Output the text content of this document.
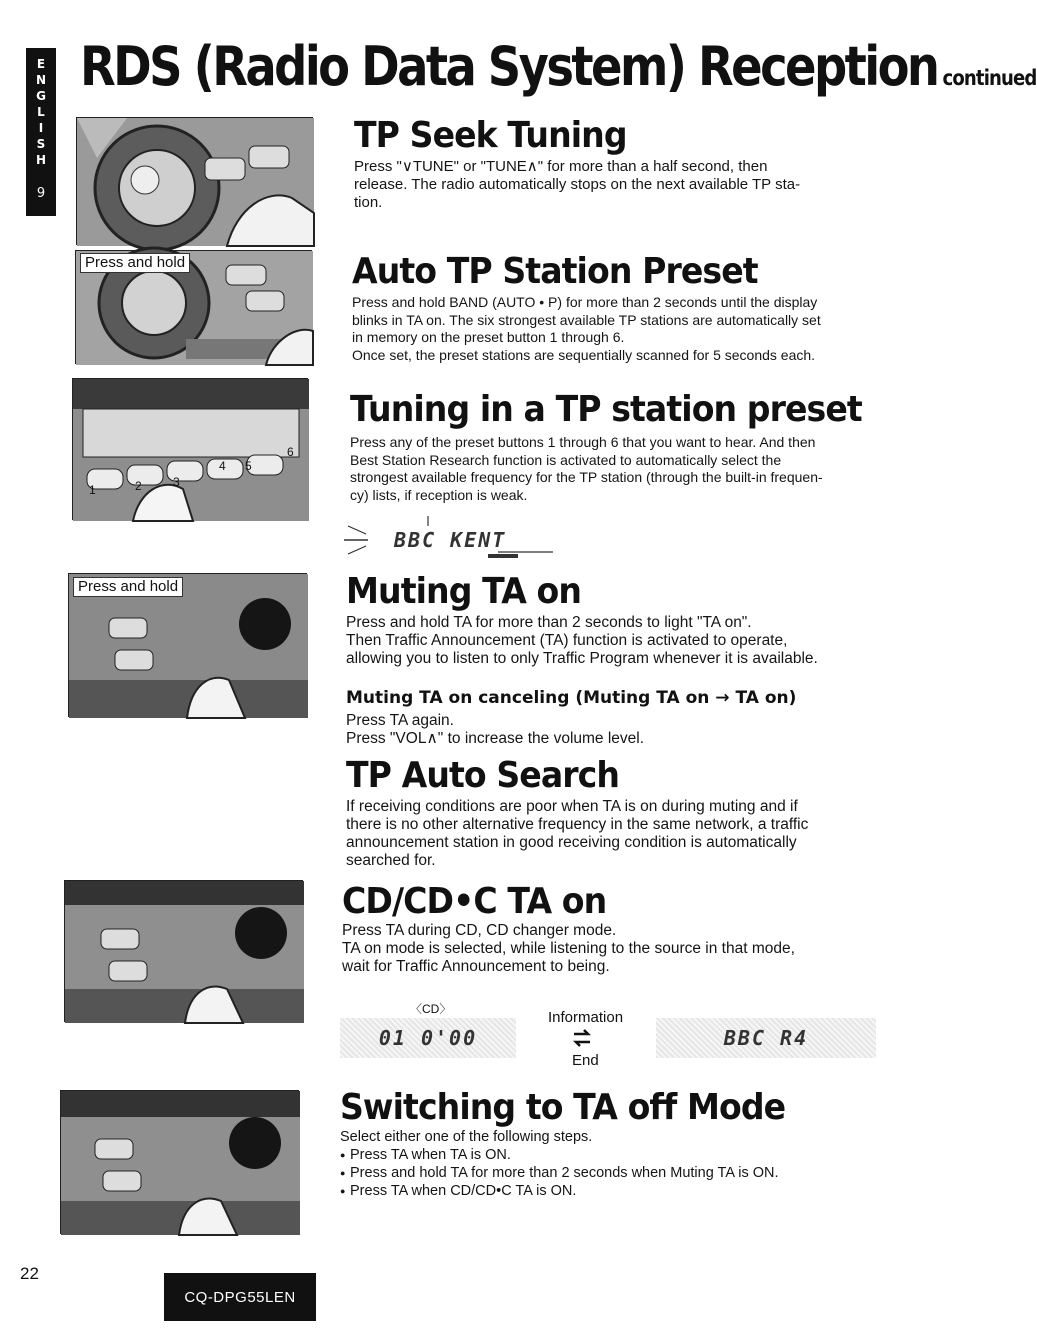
E
N
G
L
I
S
H
9
RDS (Radio Data System) Reception continued
Press and hold
1	2	3
4 5
6
Press and hold
TP Seek Tuning
Press "∨TUNE" or "TUNE∧" for more than a half second, then
release. The radio automatically stops on the next available TP sta-
tion.
Auto TP Station Preset
Press and hold BAND (AUTO • P) for more than 2 seconds until the display
blinks in TA on. The six strongest available TP stations are automatically set
in memory on the preset button 1 through 6.
Once set, the preset stations are sequentially scanned for 5 seconds each.
Tuning in a TP station preset
Press any of the preset buttons 1 through 6 that you want to hear. And then
Best Station Research function is activated to automatically select the
strongest available frequency for the TP station (through the built-in frequen-
cy) lists, if reception is weak.
BBC KENT
Muting TA on
Press and hold TA for more than 2 seconds to light "TA on".
Then Traffic Announcement (TA) function is activated to operate,
allowing you to listen to only Traffic Program whenever it is available.
Muting TA on canceling (Muting TA on → TA on)
Press TA again.
Press "VOL∧" to increase the volume level.
TP Auto Search
If receiving conditions are poor when TA is on during muting and if
there is no other alternative frequency in the same network, a traffic
announcement station in good receiving condition is automatically
searched for.
CD/CD•C TA on
Press TA during CD, CD changer mode.
TA on mode is selected, while listening to the source in that mode,
wait for Traffic Announcement to being.
〈CD〉
01 0'00
Information
End
BBC R4
Switching to TA off Mode
Select either one of the following steps.
● Press TA when TA is ON.
● Press and hold TA for more than 2 seconds when Muting TA is ON.
● Press TA when CD/CD•C TA is ON.
22
CQ-DPG55LEN
